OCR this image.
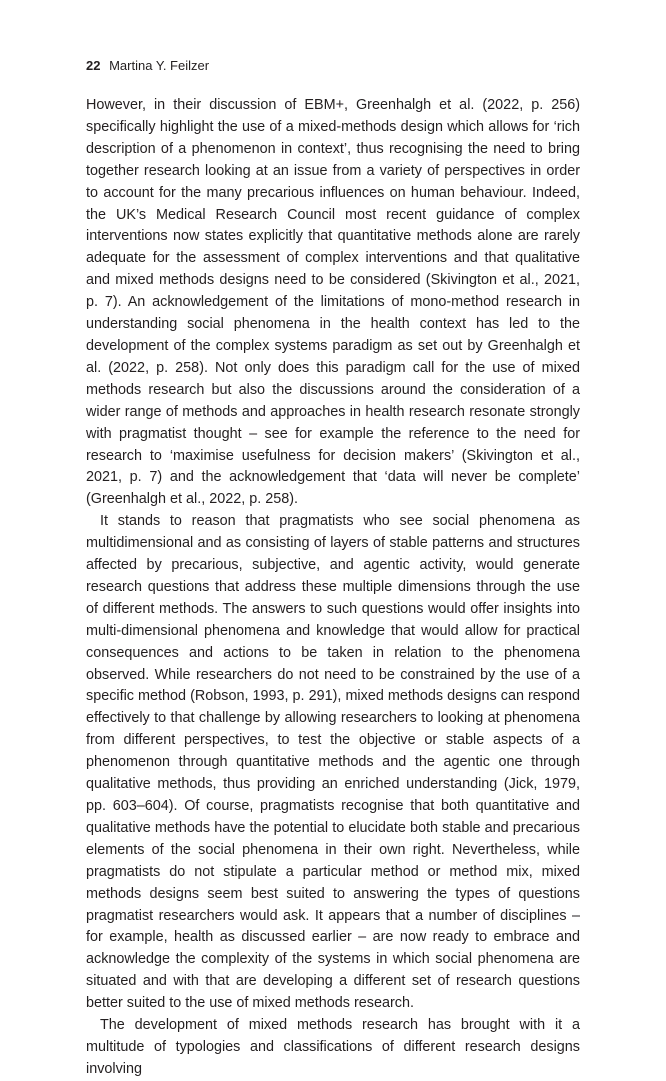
22 Martina Y. Feilzer

However, in their discussion of EBM+, Greenhalgh et al. (2022, p. 256) specifically highlight the use of a mixed-methods design which allows for ‘rich description of a phenomenon in context’, thus recognising the need to bring together research looking at an issue from a variety of perspectives in order to account for the many precarious influences on human behaviour. Indeed, the UK’s Medical Research Council most recent guidance of complex interventions now states explicitly that quantitative methods alone are rarely adequate for the assessment of complex interventions and that qualitative and mixed methods designs need to be considered (Skivington et al., 2021, p. 7). An acknowledgement of the limitations of mono-method research in understanding social phenomena in the health context has led to the development of the complex systems paradigm as set out by Greenhalgh et al. (2022, p. 258). Not only does this paradigm call for the use of mixed methods research but also the discussions around the consideration of a wider range of methods and approaches in health research resonate strongly with pragmatist thought – see for example the reference to the need for research to ‘maximise usefulness for decision makers’ (Skivington et al., 2021, p. 7) and the acknowledgement that ‘data will never be complete’ (Greenhalgh et al., 2022, p. 258).

It stands to reason that pragmatists who see social phenomena as multidimensional and as consisting of layers of stable patterns and structures affected by precarious, subjective, and agentic activity, would generate research questions that address these multiple dimensions through the use of different methods. The answers to such questions would offer insights into multi-dimensional phenomena and knowledge that would allow for practical consequences and actions to be taken in relation to the phenomena observed. While researchers do not need to be constrained by the use of a specific method (Robson, 1993, p. 291), mixed methods designs can respond effectively to that challenge by allowing researchers to looking at phenomena from different perspectives, to test the objective or stable aspects of a phenomenon through quantitative methods and the agentic one through qualitative methods, thus providing an enriched understanding (Jick, 1979, pp. 603–604). Of course, pragmatists recognise that both quantitative and qualitative methods have the potential to elucidate both stable and precarious elements of the social phenomena in their own right. Nevertheless, while pragmatists do not stipulate a particular method or method mix, mixed methods designs seem best suited to answering the types of questions pragmatist researchers would ask. It appears that a number of disciplines – for example, health as discussed earlier – are now ready to embrace and acknowledge the complexity of the systems in which social phenomena are situated and with that are developing a different set of research questions better suited to the use of mixed methods research.

The development of mixed methods research has brought with it a multitude of typologies and classifications of different research designs involving
